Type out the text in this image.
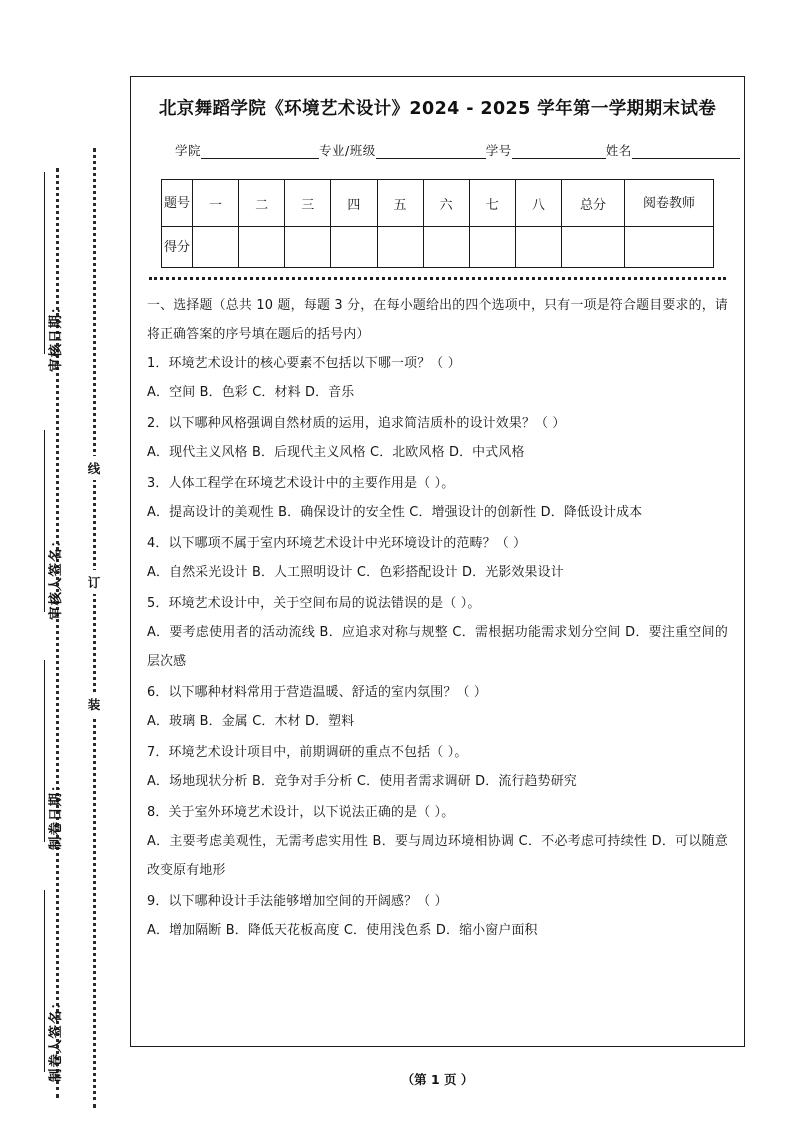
审核日期：
审核人签名：
制卷日期：
制卷人签名：
线
订
装
北京舞蹈学院《环境艺术设计》2024 - 2025 学年第一学期期末试卷
学院	专业/班级	学号	姓名
题号	一	二	三	四	五	六	七	八	总分	阅卷教师
得分										
一、选择题（总共 10 题，每题 3 分，在每小题给出的四个选项中，只有一项是符合题目要求的，请将正确答案的序号填在题后的括号内）
1．环境艺术设计的核心要素不包括以下哪一项？（ ）
A．空间 B．色彩 C．材料 D．音乐
2．以下哪种风格强调自然材质的运用，追求简洁质朴的设计效果？（ ）
A．现代主义风格 B．后现代主义风格 C．北欧风格 D．中式风格
3．人体工程学在环境艺术设计中的主要作用是（ ）。
A．提高设计的美观性 B．确保设计的安全性 C．增强设计的创新性 D．降低设计成本
4．以下哪项不属于室内环境艺术设计中光环境设计的范畴？（ ）
A．自然采光设计 B．人工照明设计 C．色彩搭配设计 D．光影效果设计
5．环境艺术设计中，关于空间布局的说法错误的是（ ）。
A．要考虑使用者的活动流线 B．应追求对称与规整 C．需根据功能需求划分空间 D．要注重空间的层次感
6．以下哪种材料常用于营造温暖、舒适的室内氛围？（ ）
A．玻璃 B．金属 C．木材 D．塑料
7．环境艺术设计项目中，前期调研的重点不包括（ ）。
A．场地现状分析 B．竞争对手分析 C．使用者需求调研 D．流行趋势研究
8．关于室外环境艺术设计，以下说法正确的是（ ）。
A．主要考虑美观性，无需考虑实用性 B．要与周边环境相协调 C．不必考虑可持续性 D．可以随意改变原有地形
9．以下哪种设计手法能够增加空间的开阔感？（ ）
A．增加隔断 B．降低天花板高度 C．使用浅色系 D．缩小窗户面积
（第 1 页 ）
